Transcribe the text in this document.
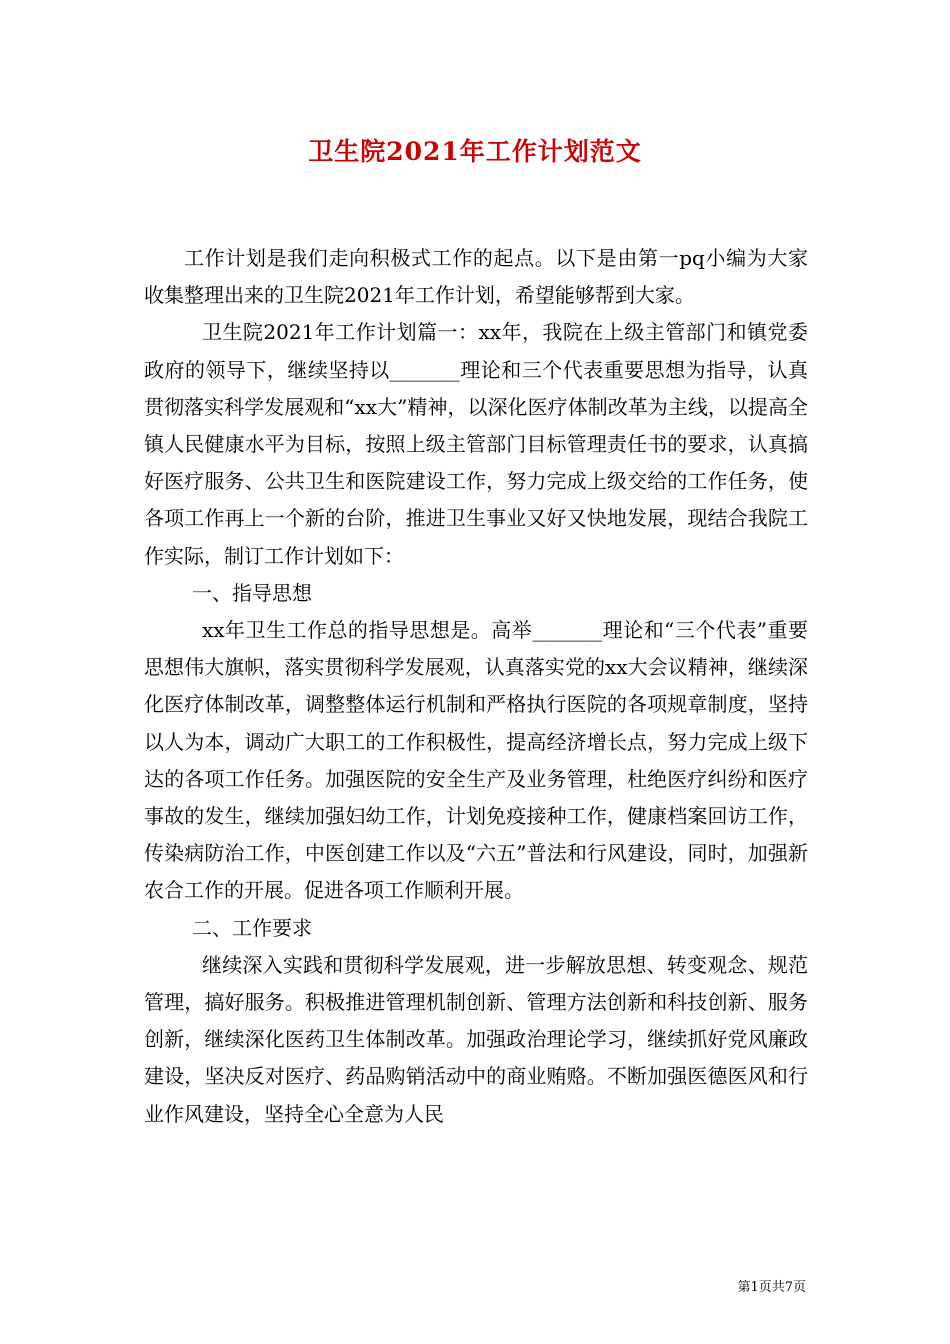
卫生院2021年工作计划范文

工作计划是我们走向积极式工作的起点。以下是由第一pq小编为大家收集整理出来的卫生院2021年工作计划，希望能够帮到大家。

卫生院2021年工作计划篇一：xx年，我院在上级主管部门和镇党委政府的领导下，继续坚持以_______理论和三个代表重要思想为指导，认真贯彻落实科学发展观和“xx大”精神，以深化医疗体制改革为主线，以提高全镇人民健康水平为目标，按照上级主管部门目标管理责任书的要求，认真搞好医疗服务、公共卫生和医院建设工作，努力完成上级交给的工作任务，使各项工作再上一个新的台阶，推进卫生事业又好又快地发展，现结合我院工作实际，制订工作计划如下：

一、指导思想

xx年卫生工作总的指导思想是。高举_______理论和“三个代表”重要思想伟大旗帜，落实贯彻科学发展观，认真落实党的xx大会议精神，继续深化医疗体制改革，调整整体运行机制和严格执行医院的各项规章制度，坚持以人为本，调动广大职工的工作积极性，提高经济增长点，努力完成上级下达的各项工作任务。加强医院的安全生产及业务管理，杜绝医疗纠纷和医疗事故的发生，继续加强妇幼工作，计划免疫接种工作，健康档案回访工作，传染病防治工作，中医创建工作以及“六五”普法和行风建设，同时，加强新农合工作的开展。促进各项工作顺利开展。

二、工作要求

继续深入实践和贯彻科学发展观，进一步解放思想、转变观念、规范管理，搞好服务。积极推进管理机制创新、管理方法创新和科技创新、服务创新，继续深化医药卫生体制改革。加强政治理论学习，继续抓好党风廉政建设，坚决反对医疗、药品购销活动中的商业贿赂。不断加强医德医风和行业作风建设，坚持全心全意为人民

第1页共7页
